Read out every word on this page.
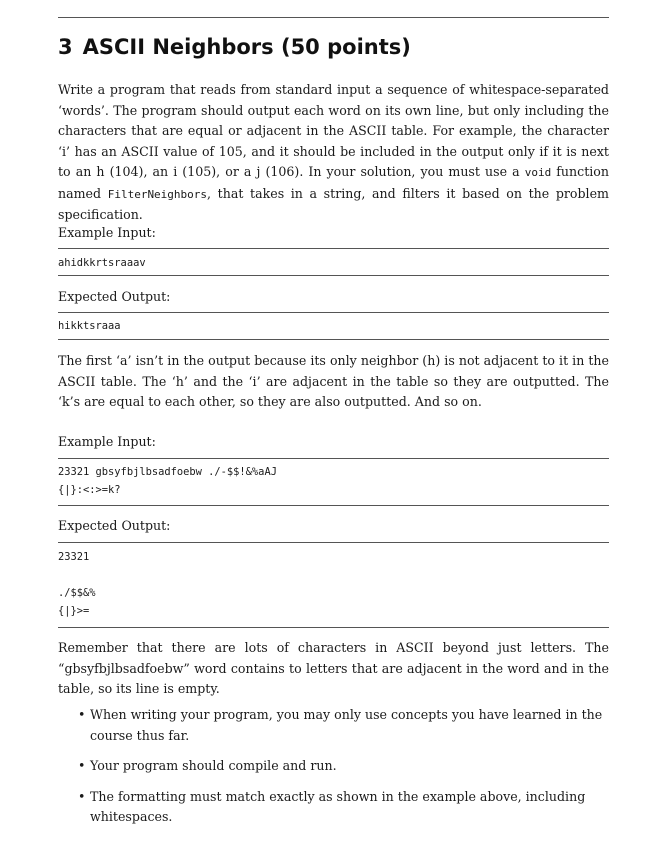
3 ASCII Neighbors (50 points)

Write a program that reads from standard input a sequence of whitespace-separated ‘words’. The program should output each word on its own line, but only including the characters that are equal or adjacent in the ASCII table. For example, the character ‘i’ has an ASCII value of 105, and it should be included in the output only if it is next to an h (104), an i (105), or a j (106). In your solution, you must use a void function named FilterNeighbors, that takes in a string, and filters it based on the problem specification.

Example Input:

ahidkkrtsraaav

Expected Output:

hikktsraaa

The first ‘a’ isn’t in the output because its only neighbor (h) is not adjacent to it in the ASCII table. The ‘h’ and the ‘i’ are adjacent in the table so they are outputted. The ‘k’s are equal to each other, so they are also outputted. And so on.

Example Input:

23321 gbsyfbjlbsadfoebw ./-$$!&%aAJ
{|}:<:>=k?

Expected Output:

23321

./$$&%
{|}>=

Remember that there are lots of characters in ASCII beyond just letters. The “gbsyfbjlbsadfoebw” word contains to letters that are adjacent in the word and in the table, so its line is empty.

• When writing your program, you may only use concepts you have learned in the course thus far.
• Your program should compile and run.
• The formatting must match exactly as shown in the example above, including whitespaces.
